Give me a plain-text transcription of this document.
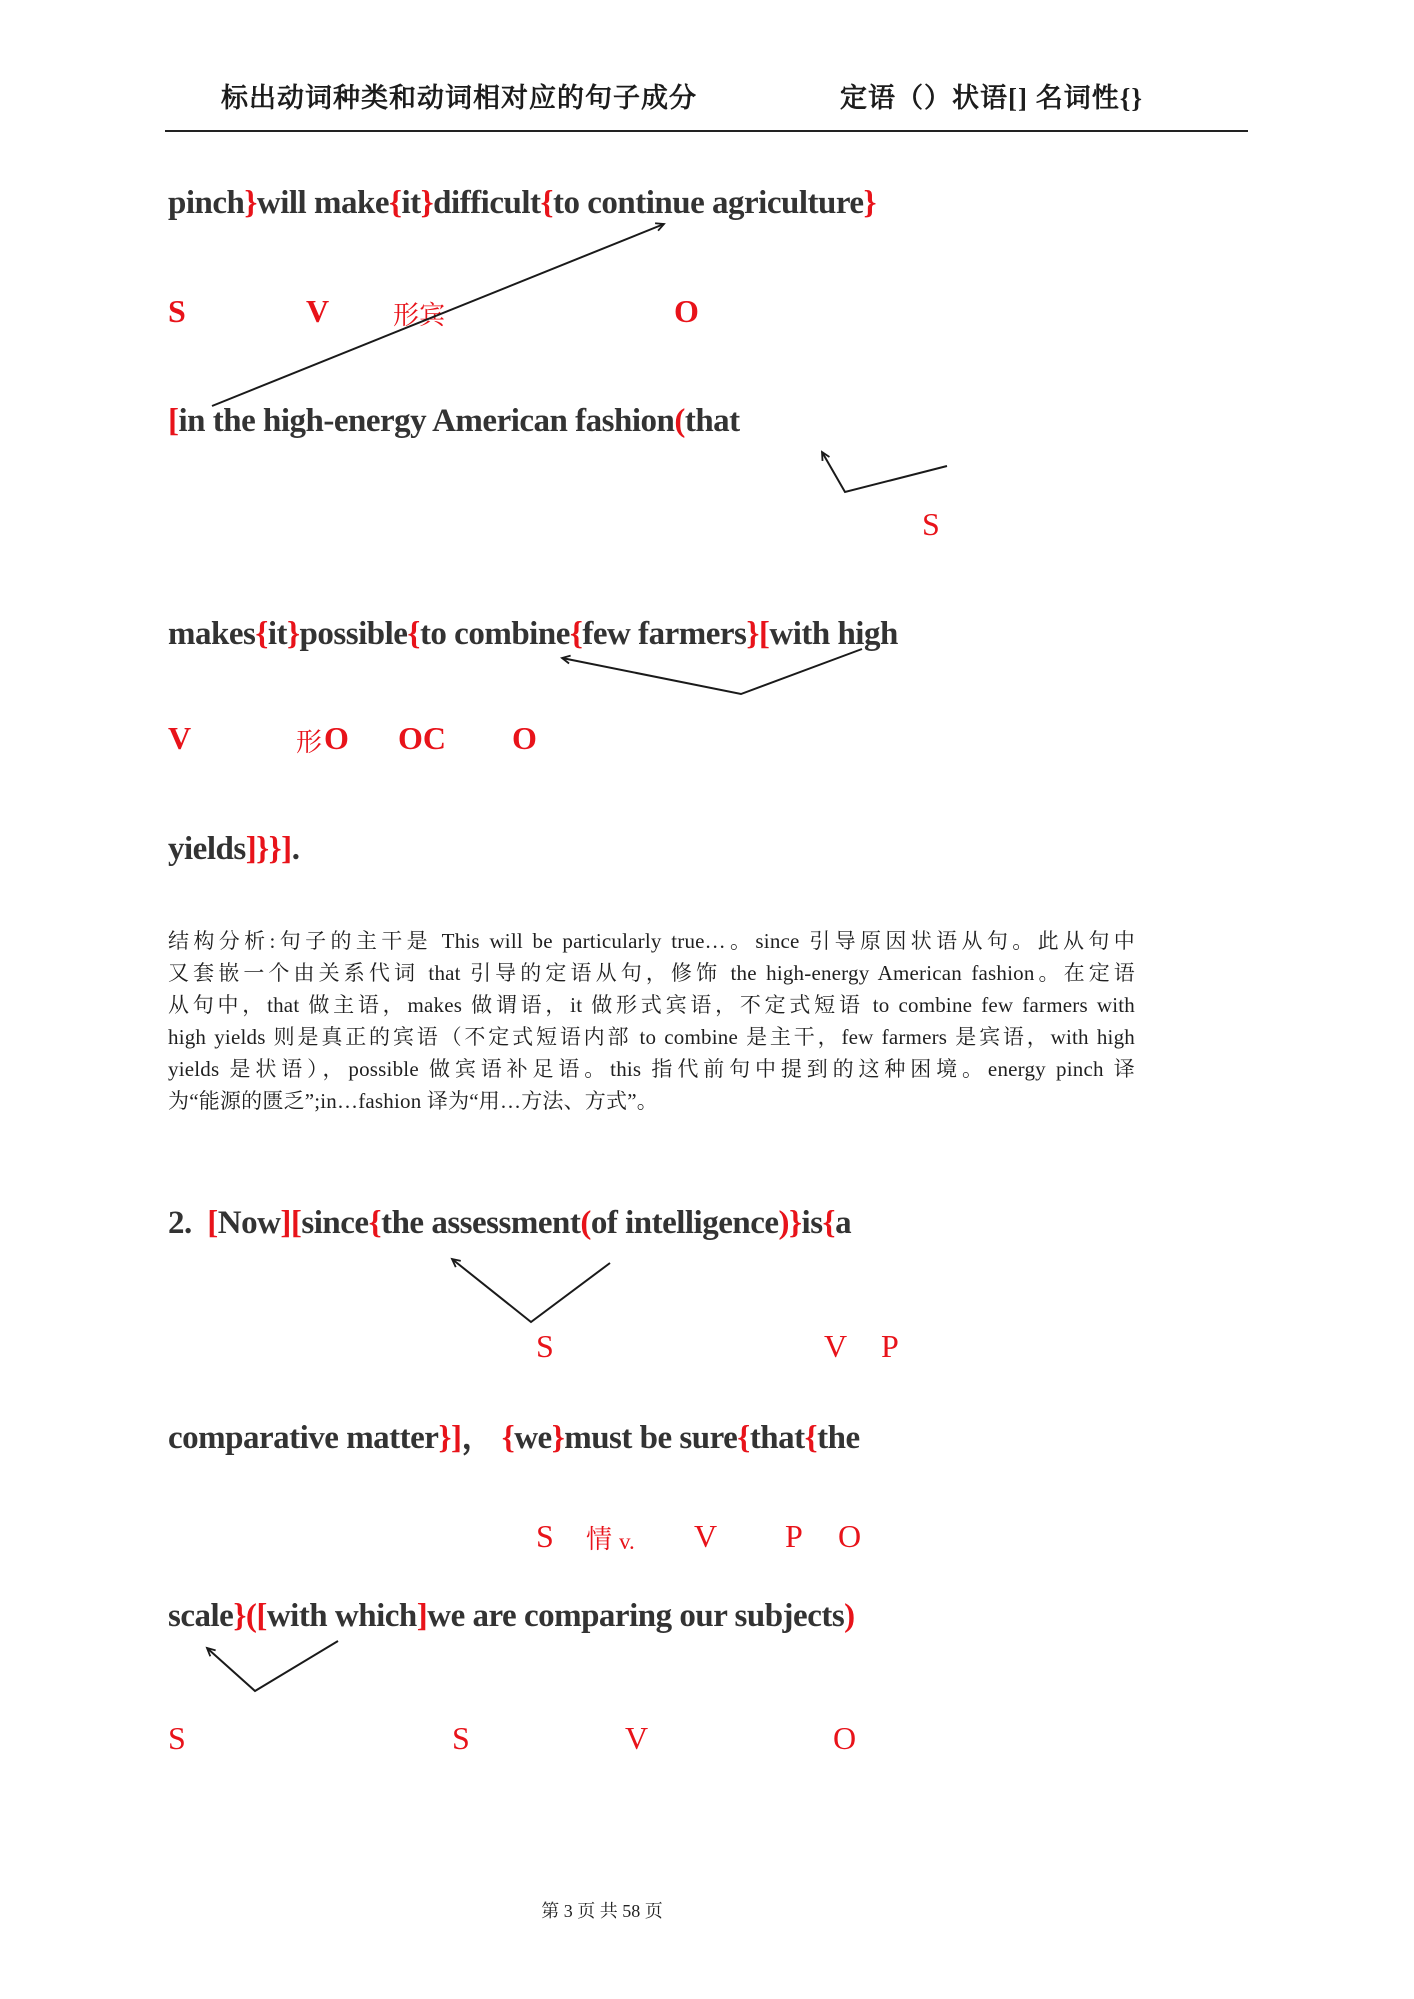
标出动词种类和动词相对应的句子成分	定语（）状语[] 名词性{}
pinch}will make{it}difficult{to continue agriculture}
S	V 形宾	O
[in the high-energy American fashion(that
S
makes{it}possible{to combine{few farmers}[with high
V	形 O OC O
yields]}}].
结构分析:句子的主干是 This will be particularly true…。since 引导原因状语从句。此从句中
又套嵌一个由关系代词 that 引导的定语从句，修饰 the high-energy American fashion。在定语
从句中，that 做主语，makes 做谓语，it 做形式宾语，不定式短语 to combine few farmers with
high yields 则是真正的宾语（不定式短语内部 to combine 是主干，few farmers 是宾语，with high
yields 是状语），possible 做宾语补足语。this 指代前句中提到的这种困境。energy pinch 译
为“能源的匮乏”;in…fashion 译为“用…方法、方式”。
2. [Now][since{the assessment(of intelligence)}is{a
S	V P
comparative matter}]， {we}must be sure{that{the
S 情 v. V P O
scale}([with which]we are comparing our subjects)
S	S	V	O
第 3 页 共 58 页
